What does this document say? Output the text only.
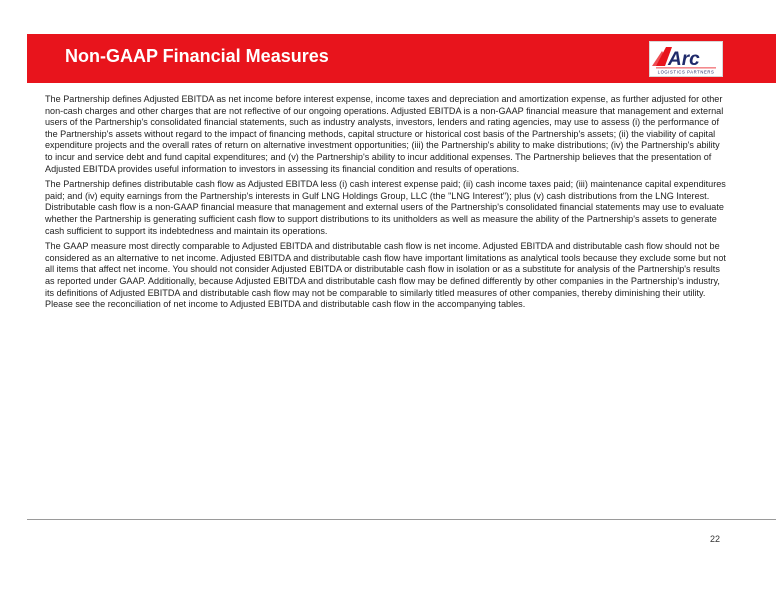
Non-GAAP Financial Measures	Arc
LOGISTICS PARTNERS

The Partnership defines Adjusted EBITDA as net income before interest expense, income taxes and depreciation and amortization expense, as further adjusted for other non-cash charges and other charges that are not reflective of our ongoing operations. Adjusted EBITDA is a non-GAAP financial measure that management and external users of the Partnership's consolidated financial statements, such as industry analysts, investors, lenders and rating agencies, may use to assess (i) the performance of the Partnership's assets without regard to the impact of financing methods, capital structure or historical cost basis of the Partnership's assets; (ii) the viability of capital expenditure projects and the overall rates of return on alternative investment opportunities; (iii) the Partnership's ability to make distributions; (iv) the Partnership's ability to incur and service debt and fund capital expenditures; and (v) the Partnership's ability to incur additional expenses. The Partnership believes that the presentation of Adjusted EBITDA provides useful information to investors in assessing its financial condition and results of operations.

The Partnership defines distributable cash flow as Adjusted EBITDA less (i) cash interest expense paid; (ii) cash income taxes paid; (iii) maintenance capital expenditures paid; and (iv) equity earnings from the Partnership's interests in Gulf LNG Holdings Group, LLC (the "LNG Interest"); plus (v) cash distributions from the LNG Interest. Distributable cash flow is a non-GAAP financial measure that management and external users of the Partnership's consolidated financial statements may use to evaluate whether the Partnership is generating sufficient cash flow to support distributions to its unitholders as well as measure the ability of the Partnership's assets to generate cash sufficient to support its indebtedness and maintain its operations.

The GAAP measure most directly comparable to Adjusted EBITDA and distributable cash flow is net income. Adjusted EBITDA and distributable cash flow should not be considered as an alternative to net income. Adjusted EBITDA and distributable cash flow have important limitations as analytical tools because they exclude some but not all items that affect net income. You should not consider Adjusted EBITDA or distributable cash flow in isolation or as a substitute for analysis of the Partnership's results as reported under GAAP. Additionally, because Adjusted EBITDA and distributable cash flow may be defined differently by other companies in the Partnership's industry, its definitions of Adjusted EBITDA and distributable cash flow may not be comparable to similarly titled measures of other companies, thereby diminishing their utility. Please see the reconciliation of net income to Adjusted EBITDA and distributable cash flow in the accompanying tables.

22
